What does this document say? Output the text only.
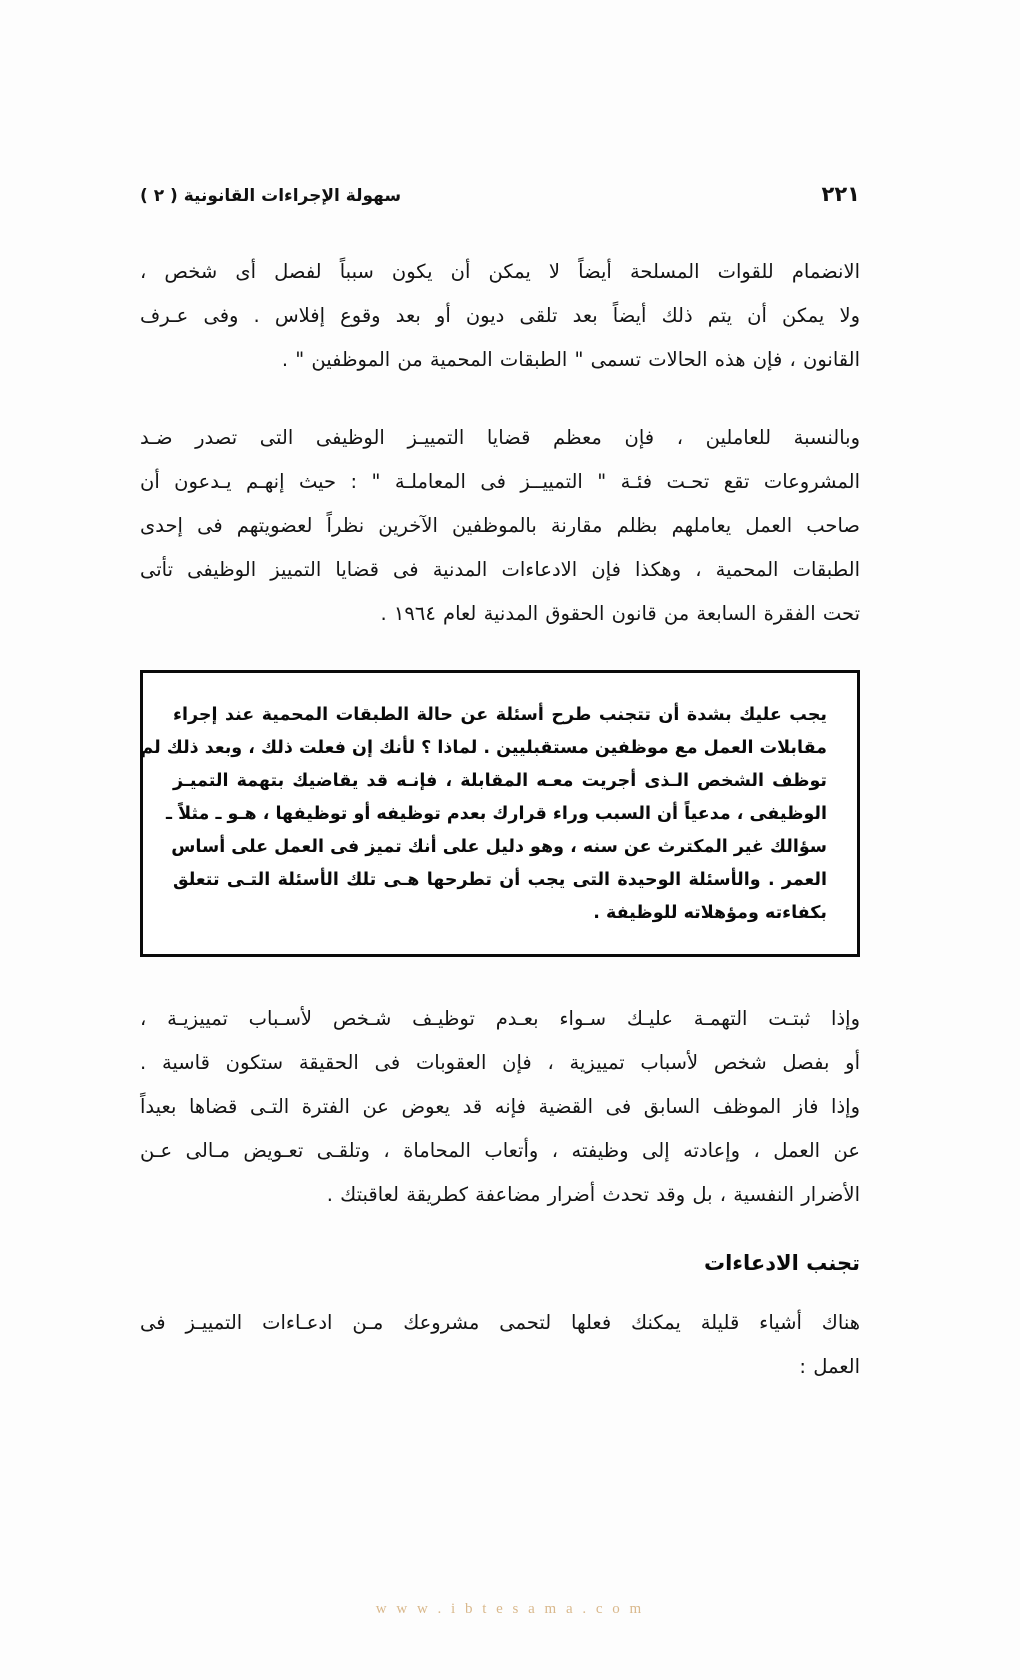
سهولة الإجراءات القانونية ( ٢ )	٢٢١

الانضمام للقوات المسلحة أيضاً لا يمكن أن يكون سبباً لفصل أى شخص ،
ولا يمكن أن يتم ذلك أيضاً بعد تلقى ديون أو بعد وقوع إفلاس . وفى عـرف
القانون ، فإن هذه الحالات تسمى " الطبقات المحمية من الموظفين " .

وبالنسبة للعاملين ، فإن معظم قضايا التمييـز الوظيفى التى تصدر ضـد
المشروعات تقع تحـت فئـة " التمييــز فى المعاملـة " : حيث إنهـم يـدعون أن
صاحب العمل يعاملهم بظلم مقارنة بالموظفين الآخرين نظراً لعضويتهم فى إحدى
الطبقات المحمية ، وهكذا فإن الادعاءات المدنية فى قضايا التمييز الوظيفى تأتى
تحت الفقرة السابعة من قانون الحقوق المدنية لعام ١٩٦٤ .

يجب عليك بشدة أن تتجنب طرح أسئلة عن حالة الطبقات المحمية عند إجراء
مقابلات العمل مع موظفين مستقبليين . لماذا ؟ لأنك إن فعلت ذلك ، وبعد ذلك لم
توظف الشخص الـذى أجريت معـه المقابلة ، فإنـه قد يقاضيك بتهمة التميـز
الوظيفى ، مدعياً أن السبب وراء قرارك بعدم توظيفه أو توظيفها ، هـو ـ مثلاً ـ
سؤالك غير المكترث عن سنه ، وهو دليل على أنك تميز فى العمل على أساس
العمر . والأسئلة الوحيدة التى يجب أن تطرحها هـى تلك الأسئلة التـى تتعلق
بكفاءته ومؤهلاته للوظيفة .

وإذا ثبتـت التهمـة عليـك سـواء بعـدم توظيـف شـخص لأسـباب تمييزيـة ،
أو بفصل شخص لأسباب تمييزية ، فإن العقوبات فى الحقيقة ستكون قاسية .
وإذا فاز الموظف السابق فى القضية فإنه قد يعوض عن الفترة التـى قضاها بعيداً
عن العمل ، وإعادته إلى وظيفته ، وأتعاب المحاماة ، وتلقـى تعـويض مـالى عـن
الأضرار النفسية ، بل وقد تحدث أضرار مضاعفة كطريقة لعاقبتك .

تجنب الادعاءات

هناك أشياء قليلة يمكنك فعلها لتحمى مشروعك مـن ادعـاءات التمييـز فى
العمل :

w w w . i b t e s a m a . c o m
